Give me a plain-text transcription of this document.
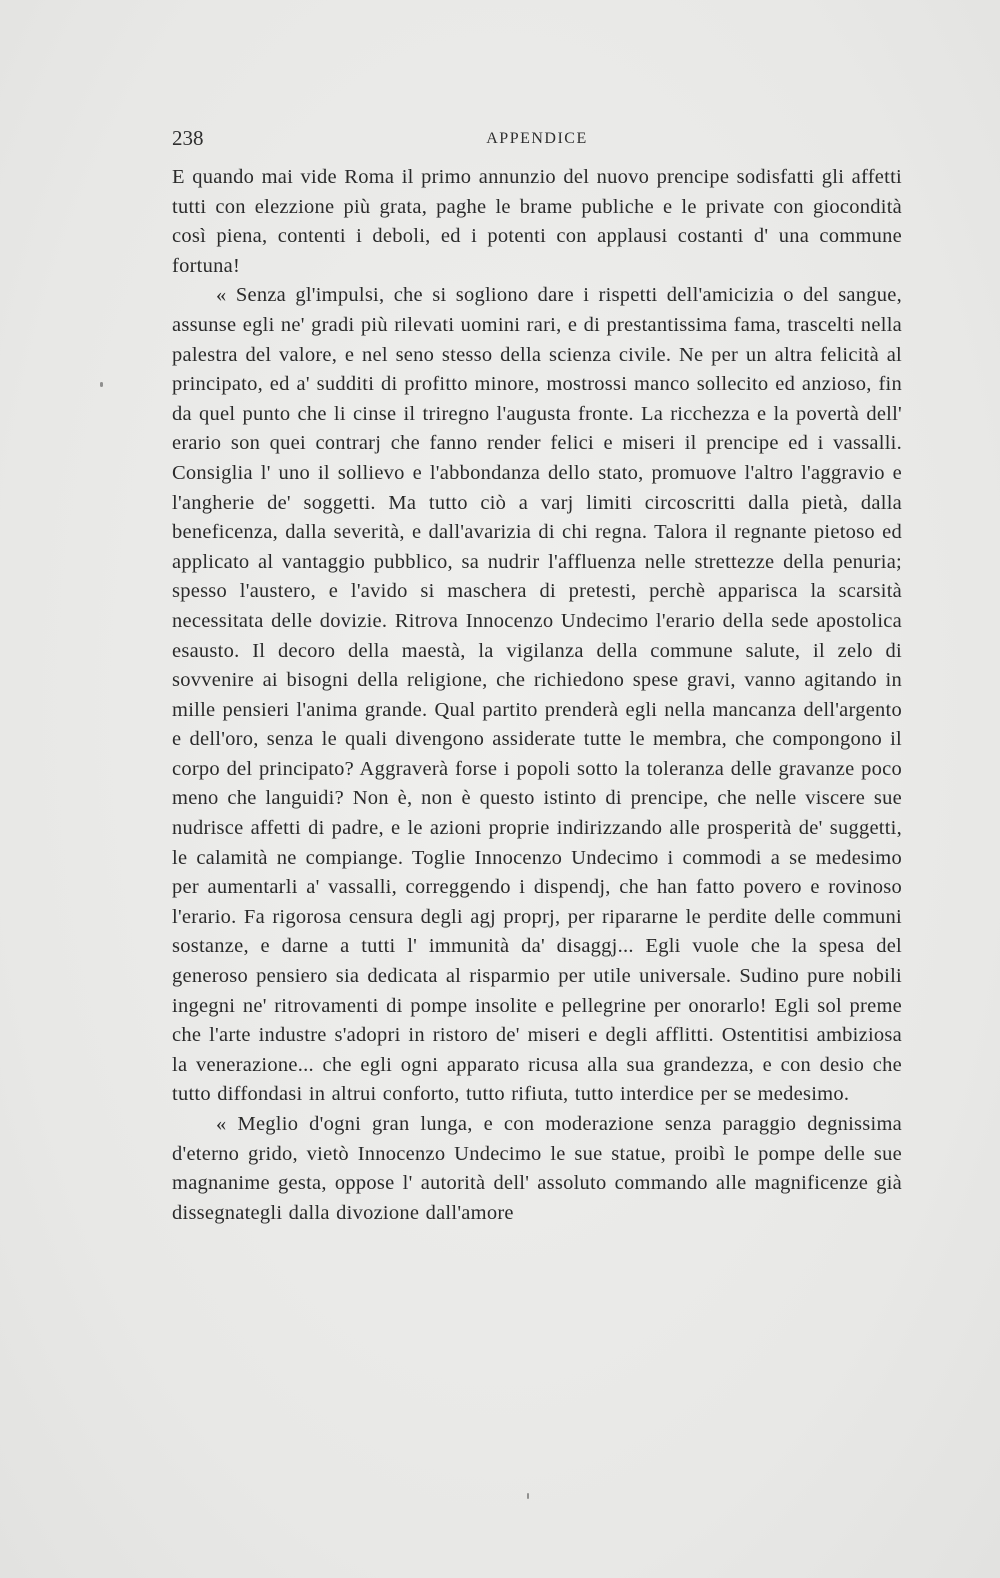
238	APPENDICE

E quando mai vide Roma il primo annunzio del nuovo prencipe sodisfatti gli affetti tutti con elezzione più grata, paghe le brame publiche e le private con giocondità così piena, contenti i deboli, ed i potenti con applausi costanti d' una commune fortuna!

« Senza gl'impulsi, che si sogliono dare i rispetti dell'amicizia o del sangue, assunse egli ne' gradi più rilevati uomini rari, e di prestantissima fama, trascelti nella palestra del valore, e nel seno stesso della scienza civile. Ne per un altra felicità al principato, ed a' sudditi di profitto minore, mostrossi manco sollecito ed anzioso, fin da quel punto che li cinse il triregno l'augusta fronte. La ricchezza e la povertà dell' erario son quei contrarj che fanno render felici e miseri il prencipe ed i vassalli. Consiglia l' uno il sollievo e l'abbondanza dello stato, promuove l'altro l'aggravio e l'angherie de' soggetti. Ma tutto ciò a varj limiti circoscritti dalla pietà, dalla beneficenza, dalla severità, e dall'avarizia di chi regna. Talora il regnante pietoso ed applicato al vantaggio pubblico, sa nudrir l'affluenza nelle strettezze della penuria; spesso l'austero, e l'avido si maschera di pretesti, perchè apparisca la scarsità necessitata delle dovizie. Ritrova Innocenzo Undecimo l'erario della sede apostolica esausto. Il decoro della maestà, la vigilanza della commune salute, il zelo di sovvenire ai bisogni della religione, che richiedono spese gravi, vanno agitando in mille pensieri l'anima grande. Qual partito prenderà egli nella mancanza dell'argento e dell'oro, senza le quali divengono assiderate tutte le membra, che compongono il corpo del principato? Aggraverà forse i popoli sotto la toleranza delle gravanze poco meno che languidi? Non è, non è questo istinto di prencipe, che nelle viscere sue nudrisce affetti di padre, e le azioni proprie indirizzando alle prosperità de' suggetti, le calamità ne compiange. Toglie Innocenzo Undecimo i commodi a se medesimo per aumentarli a' vassalli, correggendo i dispendj, che han fatto povero e rovinoso l'erario. Fa rigorosa censura degli agj proprj, per ripararne le perdite delle communi sostanze, e darne a tutti l' immunità da' disaggj... Egli vuole che la spesa del generoso pensiero sia dedicata al risparmio per utile universale. Sudino pure nobili ingegni ne' ritrovamenti di pompe insolite e pellegrine per onorarlo! Egli sol preme che l'arte industre s'adopri in ristoro de' miseri e degli afflitti. Ostentitisi ambiziosa la venerazione... che egli ogni apparato ricusa alla sua grandezza, e con desio che tutto diffondasi in altrui conforto, tutto rifiuta, tutto interdice per se medesimo.

« Meglio d'ogni gran lunga, e con moderazione senza paraggio degnissima d'eterno grido, vietò Innocenzo Undecimo le sue statue, proibì le pompe delle sue magnanime gesta, oppose l' autorità dell' assoluto commando alle magnificenze già dissegnategli dalla divozione dall'amore
